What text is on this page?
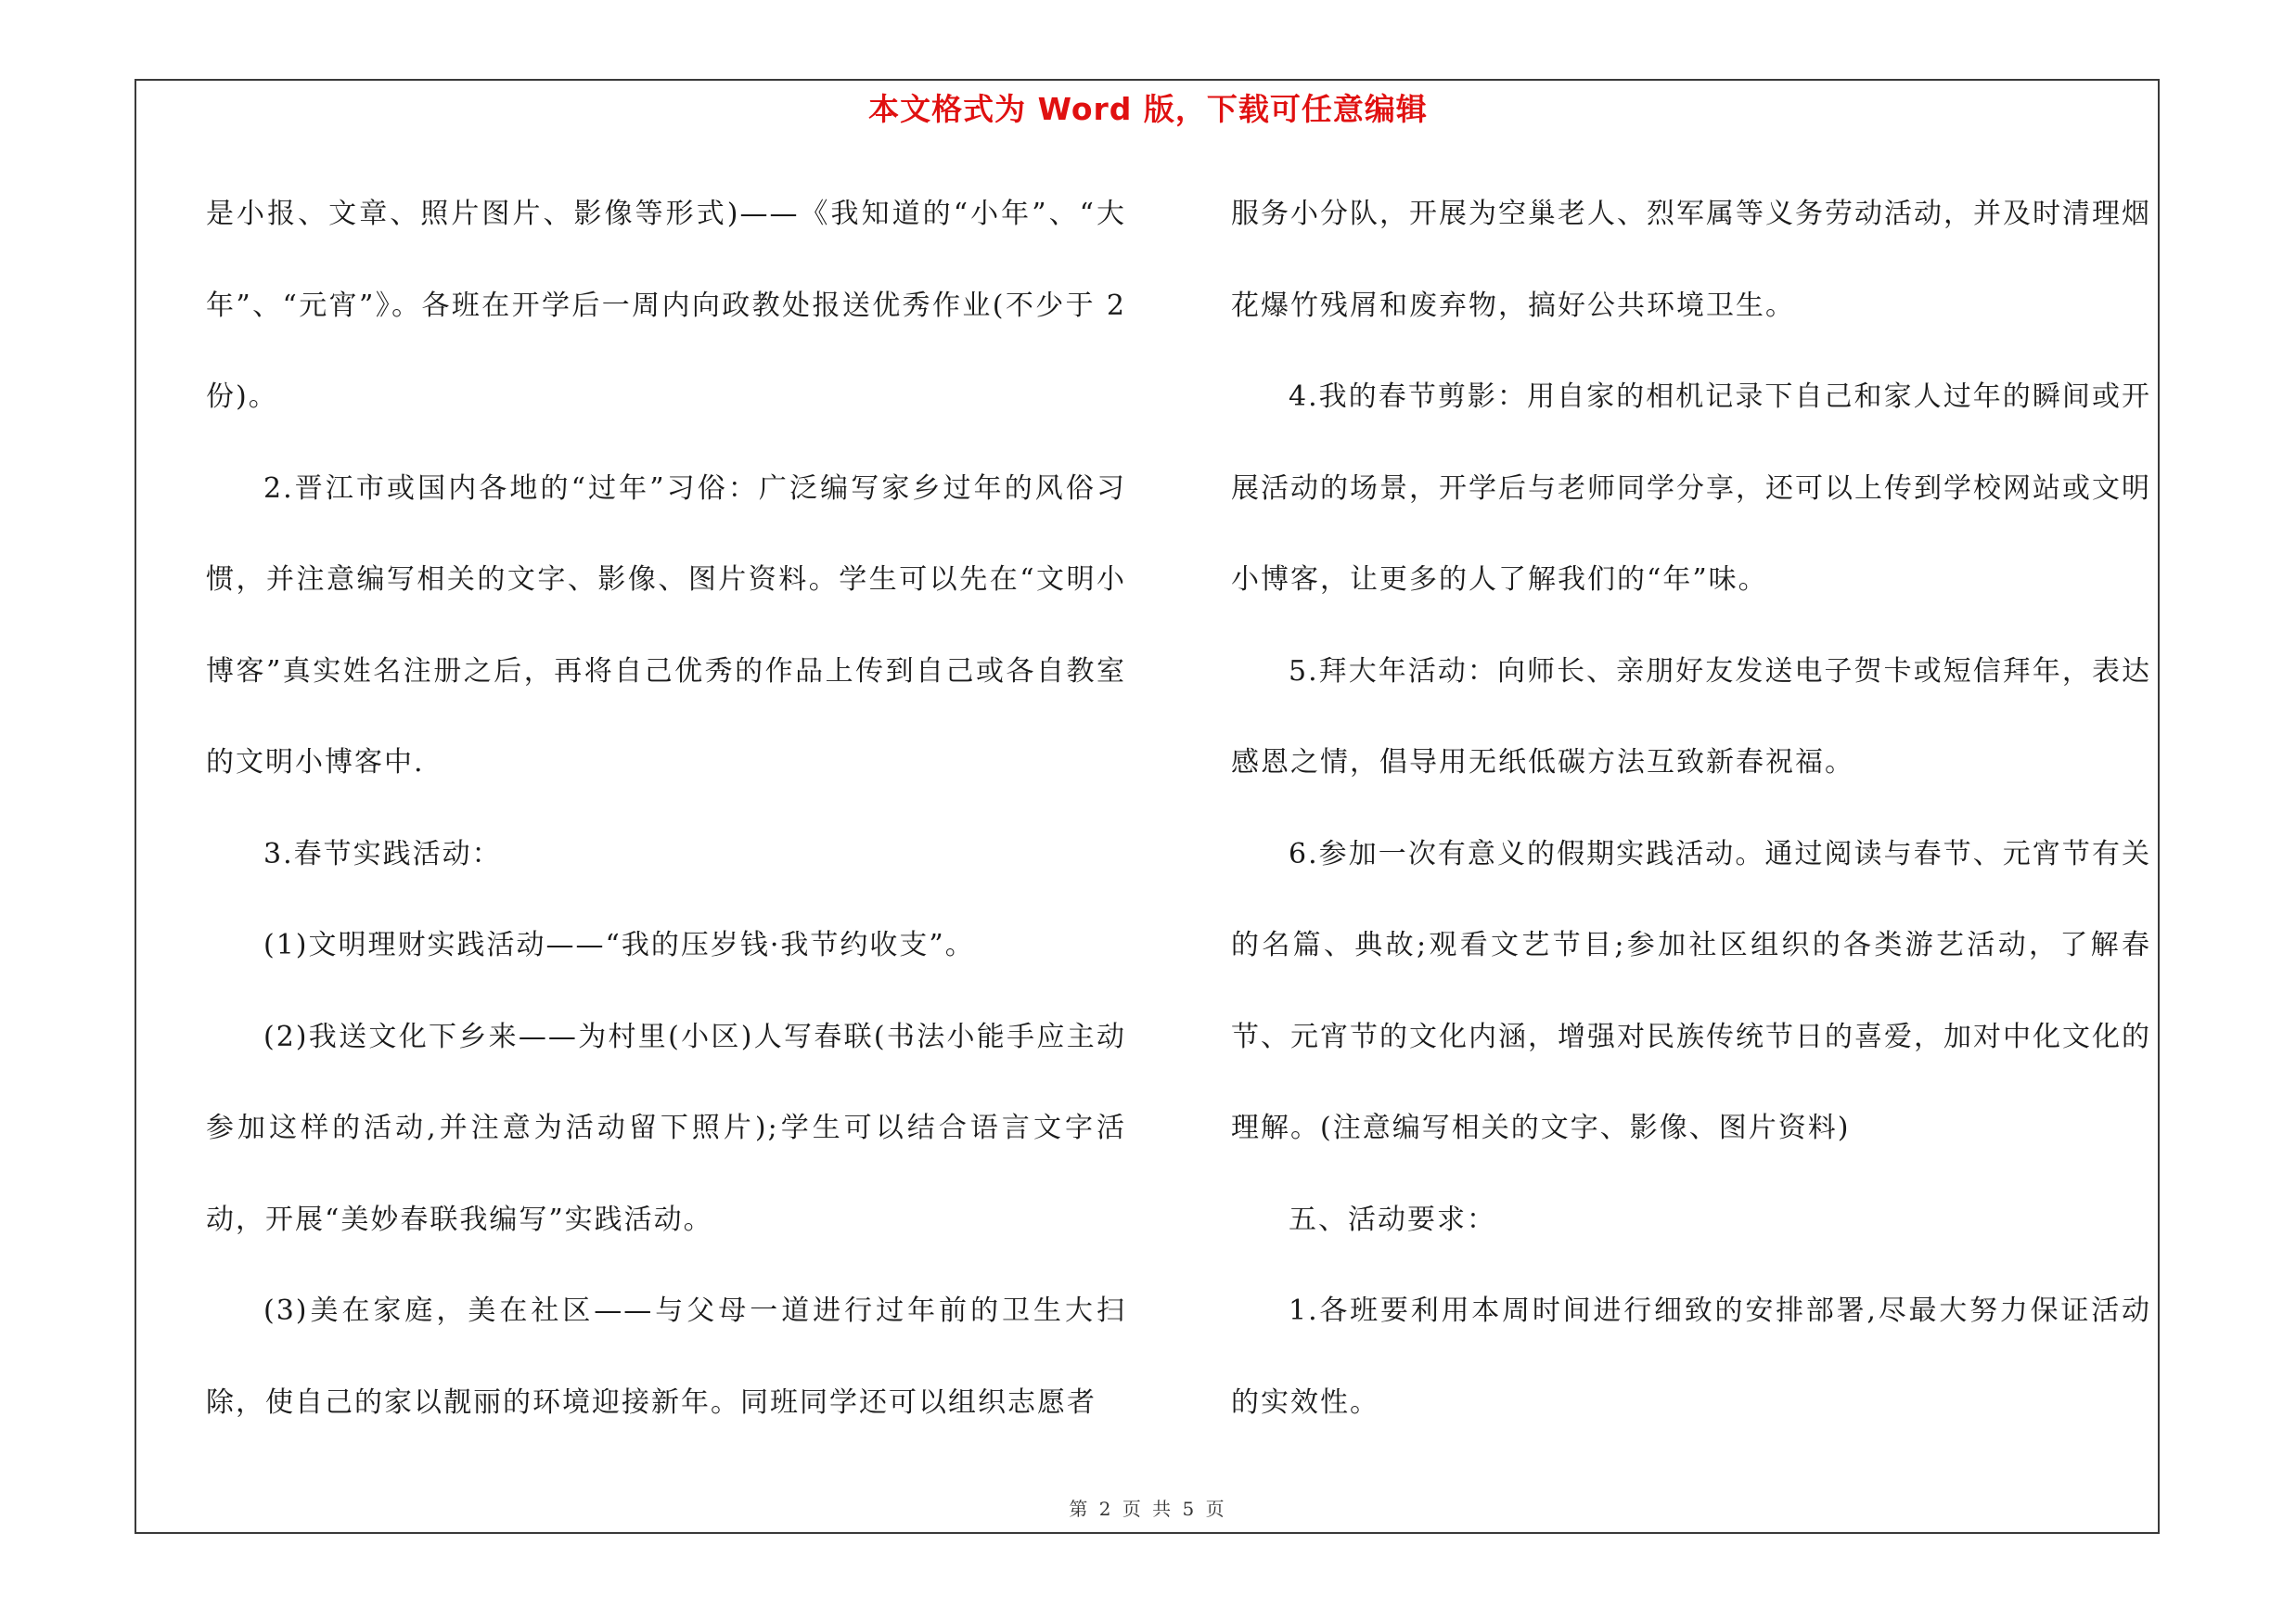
本文格式为 Word 版，下载可任意编辑

是小报、文章、照片图片、影像等形式)——《我知道的“小年”、“大年”、“元宵”》。各班在开学后一周内向政教处报送优秀作业(不少于 2 份)。

2.晋江市或国内各地的“过年”习俗：广泛编写家乡过年的风俗习惯，并注意编写相关的文字、影像、图片资料。学生可以先在“文明小博客”真实姓名注册之后，再将自己优秀的作品上传到自己或各自教室的文明小博客中.

3.春节实践活动：

(1)文明理财实践活动——“我的压岁钱·我节约收支”。

(2)我送文化下乡来——为村里(小区)人写春联(书法小能手应主动参加这样的活动,并注意为活动留下照片);学生可以结合语言文字活动，开展“美妙春联我编写”实践活动。

(3)美在家庭，美在社区——与父母一道进行过年前的卫生大扫除，使自己的家以靓丽的环境迎接新年。同班同学还可以组织志愿者

服务小分队，开展为空巢老人、烈军属等义务劳动活动，并及时清理烟花爆竹残屑和废弃物，搞好公共环境卫生。

4.我的春节剪影：用自家的相机记录下自己和家人过年的瞬间或开展活动的场景，开学后与老师同学分享，还可以上传到学校网站或文明小博客，让更多的人了解我们的“年”味。

5.拜大年活动：向师长、亲朋好友发送电子贺卡或短信拜年，表达感恩之情，倡导用无纸低碳方法互致新春祝福。

6.参加一次有意义的假期实践活动。通过阅读与春节、元宵节有关的名篇、典故;观看文艺节目;参加社区组织的各类游艺活动，了解春节、元宵节的文化内涵，增强对民族传统节日的喜爱，加对中化文化的理解。(注意编写相关的文字、影像、图片资料)

五、活动要求：

1.各班要利用本周时间进行细致的安排部署,尽最大努力保证活动的实效性。

第 2 页 共 5 页
